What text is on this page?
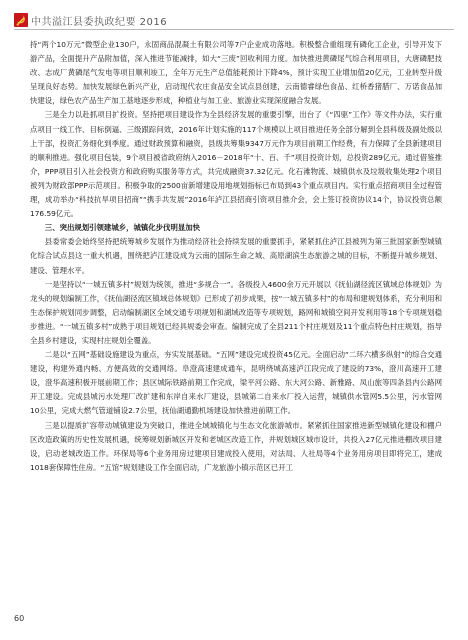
中共溢江县委执政纪要 2016

持“两个10万元”微型企业130户，永固商品混凝土有限公司等7户企业成功落地。积极整合重组现有磷化工企业，引导开发下游产品，全面提升产品附加值，深入推进节能减排，如大“三废”回收利用力度。加快推进黄磷尾气综合利用项目，大唐磷肥技改、志成厂黄磷尾气发电等项目顺利竣工，全年万元生产总值能耗预计下降4%，预计实现工业增加值20亿元，工业转型升级呈现良好态势。加快发展绿色新兴产业，启动现代农庄食品安全试点县创建，云南德睿绿色食品、红桥香猪腊厂、万诺食品加快建设，绿色农产品生产加工基地逐步形成，种植业与加工业、旅游业实现深度融合发展。

三是全力以赴抓项目扩投资。坚持把项目建设作为全县经济发展的重要引擎，出台了《“四驱”工作》等文件办法，实行重点项目一线工作、目标倒逼、三级跟踪问效，2016年计划实施的117个规模以上项目推进任务全部分解到全县科级及副处级以上干部，投资汇务细化到季度。通过财政预算和融资，县级共筹集9347万元作为项目前期工作经费，有力保障了全县新建项目的顺利推进。强化项目包装，9个项目被省政府纳入2016－2018年“十、百、千”项目投资计划，总投资289亿元。通过借鉴推介，PPP项目引入社会投资方和政府购买服务等方式，共完成融资37.32亿元。化石滩物流、城镇供水及垃圾收集处理2个项目被列为财政部PPP示范项目。积极争取的2500亩新增建设用地规划指标已布局到43个重点项目内。实行重点招商项目全过程管理，成功举办“科技抗旱项目招商”“携手共发展”2016年泸江县招商引资项目推介会，会上签订投资协议14个，协议投资总额176.59亿元。

三、突出规划引领建城乡，城镇化步伐明显加快

县委常委会始终坚持把统筹城乡发展作为推动经济社会持续发展的重要抓手，紧紧抓住泸江县被列为第三批国家新型城镇化综合试点县这一重大机遇，围绕把泸江建设成为云南的国际生命之城、高原湖滨生态旅游之城的目标，不断提升城乡规划、建设、管理水平。

一是坚持以“一城五镇多村”规划为统领，推进“多规合一”。各级投入4600余万元开展以《抚仙湖径流区镇域总体规划》为龙头的规划编制工作，《抚仙湖径流区镇域总体规划》已形成了初步成果，按“一城五镇多村”的布局和建规划体系，充分利用和生态保护规划同步调整，启动编制湖区全域交通专项规划和湖域改造等专项规划，路网和城镇空间开发利用等18个专项规划稳步推进。“一城五镇多村”成熟于项目规划已经具规委会审查。编制完成了全县211个村庄规划及11个重点特色村庄规划，指导全县乡村建设，实现村庄规划全覆盖。

二是以“五网”基础设施建设为重点，夯实发展基础。“五网”建设完成投资45亿元。全面启动“二环六横多纵射”的综合交通建设，构建外通内畅、方便高效的交通网络。阜澄高速建成通车，昆明绕城高速泸江段完成了建设的73%，澄川高速开工建设，澄华高速积极开展前期工作；县区城际铁路前期工作完成，梁平河公路、东大河公路、新雅路、凤山旅等四条县内公路网开工建设。完成县城污水处理厂改扩建和东岸自来水厂建设，县城第二自来水厂投入运营，城镇供水管网5.5公里，污水管网10公里，完成大燃气管道铺设2.7公里，抚仙湖通勤机场建设加快推进前期工作。

三是以提质扩容带动城镇建设为突破口，推进全域城镇化与生态文化旅游城市。紧紧抓住国家推进新型城镇化建设和棚户区改造政策的历史性发展机遇，统筹规划新城区开发和老城区改造工作，并规划城区城市设计，共投入27亿元推进棚改项目建设，启动老城改造工作。环保局等6个业务用房过建项目建成投入使用，对法局、人社局等4个业务用房项目即将完工，建成1018套保障性住房。“五馆”规划建设工作全面启动，广龙旅游小镇示范区已开工

60
